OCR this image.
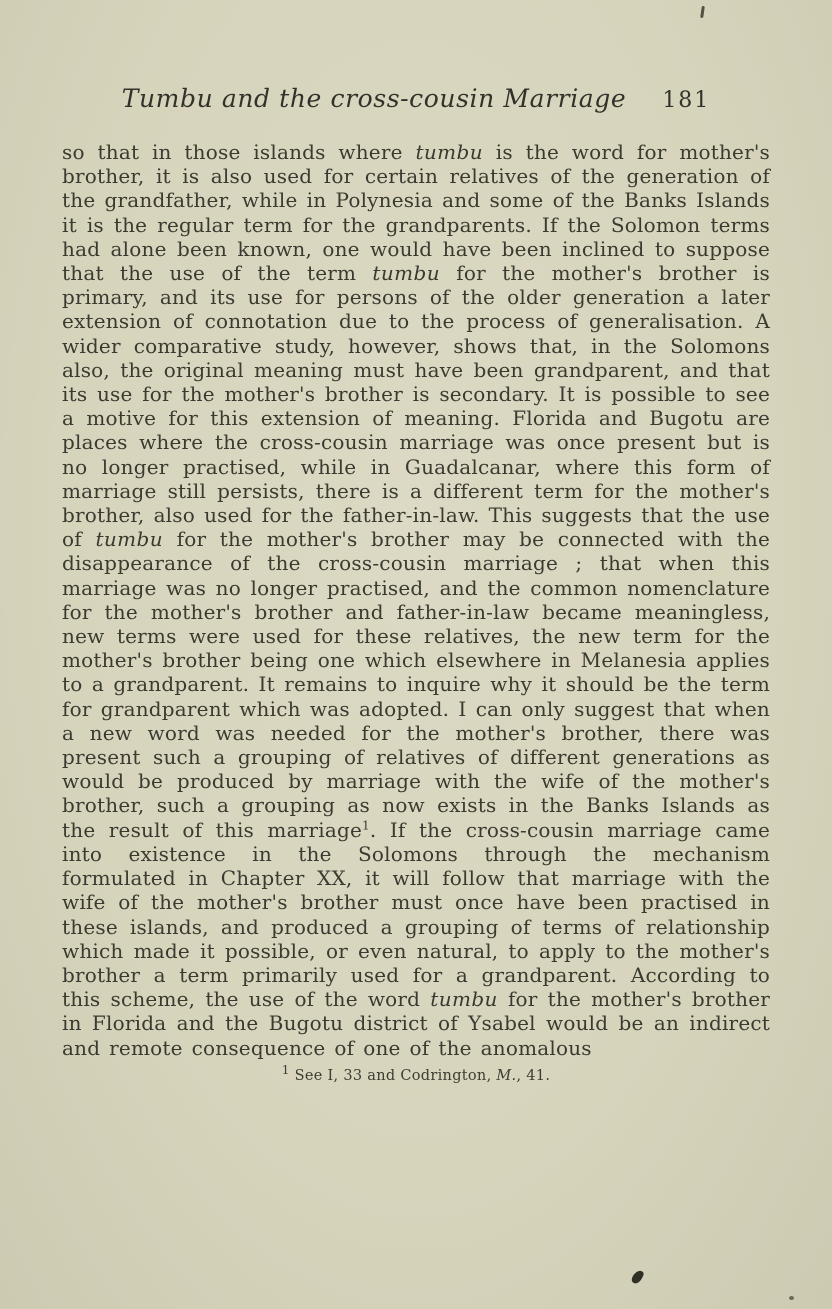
Tumbu and the cross-cousin Marriage 181

so that in those islands where tumbu is the word for mother's brother, it is also used for certain relatives of the generation of the grandfather, while in Polynesia and some of the Banks Islands it is the regular term for the grandparents. If the Solomon terms had alone been known, one would have been inclined to suppose that the use of the term tumbu for the mother's brother is primary, and its use for persons of the older generation a later extension of connotation due to the process of generalisation. A wider comparative study, however, shows that, in the Solomons also, the original meaning must have been grandparent, and that its use for the mother's brother is secondary. It is possible to see a motive for this extension of meaning. Florida and Bugotu are places where the cross-cousin marriage was once present but is no longer practised, while in Guadalcanar, where this form of marriage still persists, there is a different term for the mother's brother, also used for the father-in-law. This suggests that the use of tumbu for the mother's brother may be connected with the disappearance of the cross-cousin marriage ; that when this marriage was no longer practised, and the common nomenclature for the mother's brother and father-in-law became meaningless, new terms were used for these relatives, the new term for the mother's brother being one which elsewhere in Melanesia applies to a grandparent. It remains to inquire why it should be the term for grandparent which was adopted. I can only suggest that when a new word was needed for the mother's brother, there was present such a grouping of relatives of different generations as would be produced by marriage with the wife of the mother's brother, such a grouping as now exists in the Banks Islands as the result of this marriage$^1$. If the cross-cousin marriage came into existence in the Solomons through the mechanism formulated in Chapter XX, it will follow that marriage with the wife of the mother's brother must once have been practised in these islands, and produced a grouping of terms of relationship which made it possible, or even natural, to apply to the mother's brother a term primarily used for a grandparent. According to this scheme, the use of the word tumbu for the mother's brother in Florida and the Bugotu district of Ysabel would be an indirect and remote consequence of one of the anomalous

$^1$ See I, 33 and Codrington, M., 41.
